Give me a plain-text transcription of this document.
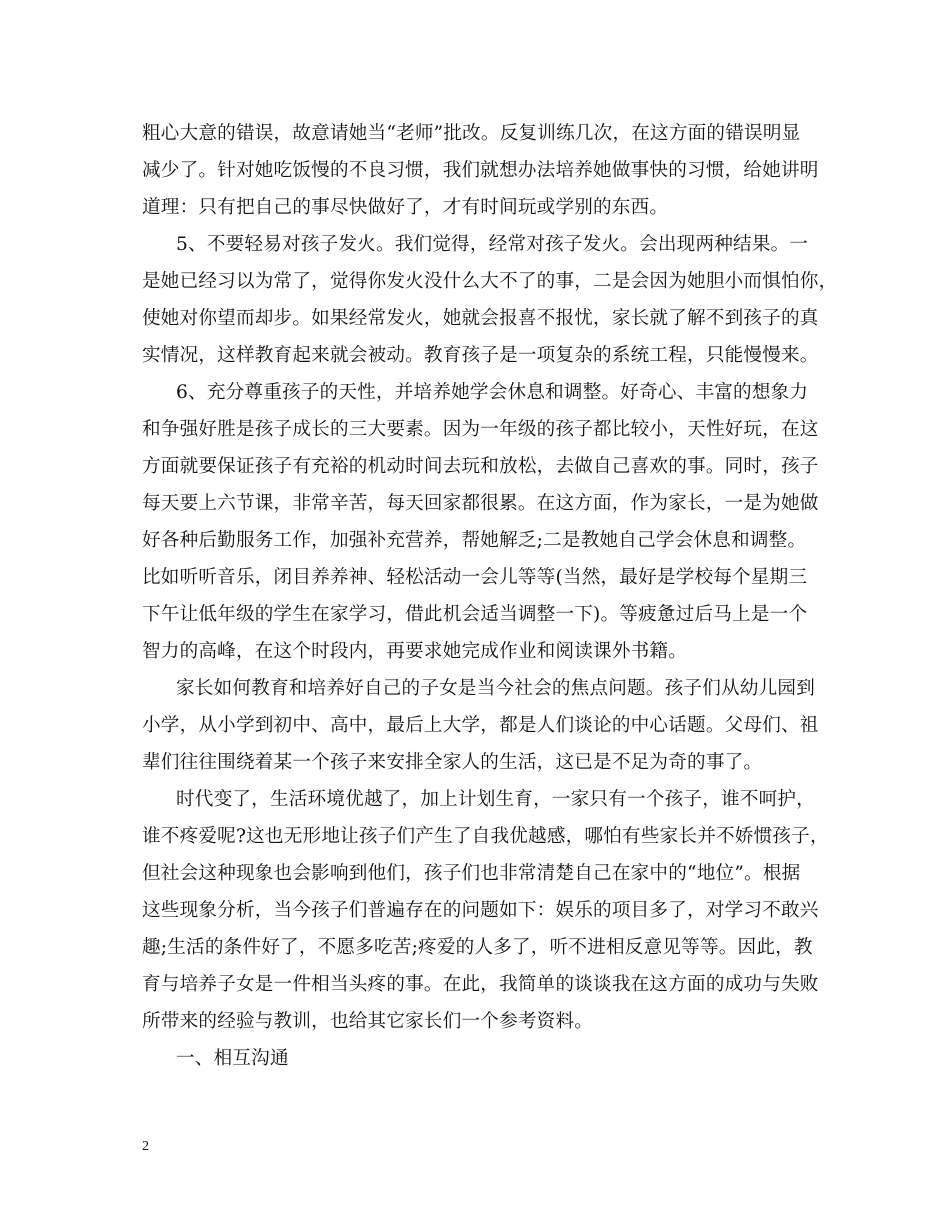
粗心大意的错误，故意请她当“老师”批改。反复训练几次，在这方面的错误明显
减少了。针对她吃饭慢的不良习惯，我们就想办法培养她做事快的习惯，给她讲明
道理：只有把自己的事尽快做好了，才有时间玩或学别的东西。
5、不要轻易对孩子发火。我们觉得，经常对孩子发火。会出现两种结果。一
是她已经习以为常了，觉得你发火没什么大不了的事，二是会因为她胆小而惧怕你，
使她对你望而却步。如果经常发火，她就会报喜不报忧，家长就了解不到孩子的真
实情况，这样教育起来就会被动。教育孩子是一项复杂的系统工程，只能慢慢来。
6、充分尊重孩子的天性，并培养她学会休息和调整。好奇心、丰富的想象力
和争强好胜是孩子成长的三大要素。因为一年级的孩子都比较小，天性好玩，在这
方面就要保证孩子有充裕的机动时间去玩和放松，去做自己喜欢的事。同时，孩子
每天要上六节课，非常辛苦，每天回家都很累。在这方面，作为家长，一是为她做
好各种后勤服务工作，加强补充营养，帮她解乏;二是教她自己学会休息和调整。
比如听听音乐，闭目养养神、轻松活动一会儿等等(当然，最好是学校每个星期三
下午让低年级的学生在家学习，借此机会适当调整一下)。等疲惫过后马上是一个
智力的高峰，在这个时段内，再要求她完成作业和阅读课外书籍。
家长如何教育和培养好自己的子女是当今社会的焦点问题。孩子们从幼儿园到
小学，从小学到初中、高中，最后上大学，都是人们谈论的中心话题。父母们、祖
辈们往往围绕着某一个孩子来安排全家人的生活，这已是不足为奇的事了。
时代变了，生活环境优越了，加上计划生育，一家只有一个孩子，谁不呵护，
谁不疼爱呢?这也无形地让孩子们产生了自我优越感，哪怕有些家长并不娇惯孩子，
但社会这种现象也会影响到他们，孩子们也非常清楚自己在家中的“地位”。根据
这些现象分析，当今孩子们普遍存在的问题如下：娱乐的项目多了，对学习不敢兴
趣;生活的条件好了，不愿多吃苦;疼爱的人多了，听不进相反意见等等。因此，教
育与培养子女是一件相当头疼的事。在此，我简单的谈谈我在这方面的成功与失败
所带来的经验与教训，也给其它家长们一个参考资料。
一、相互沟通
2
